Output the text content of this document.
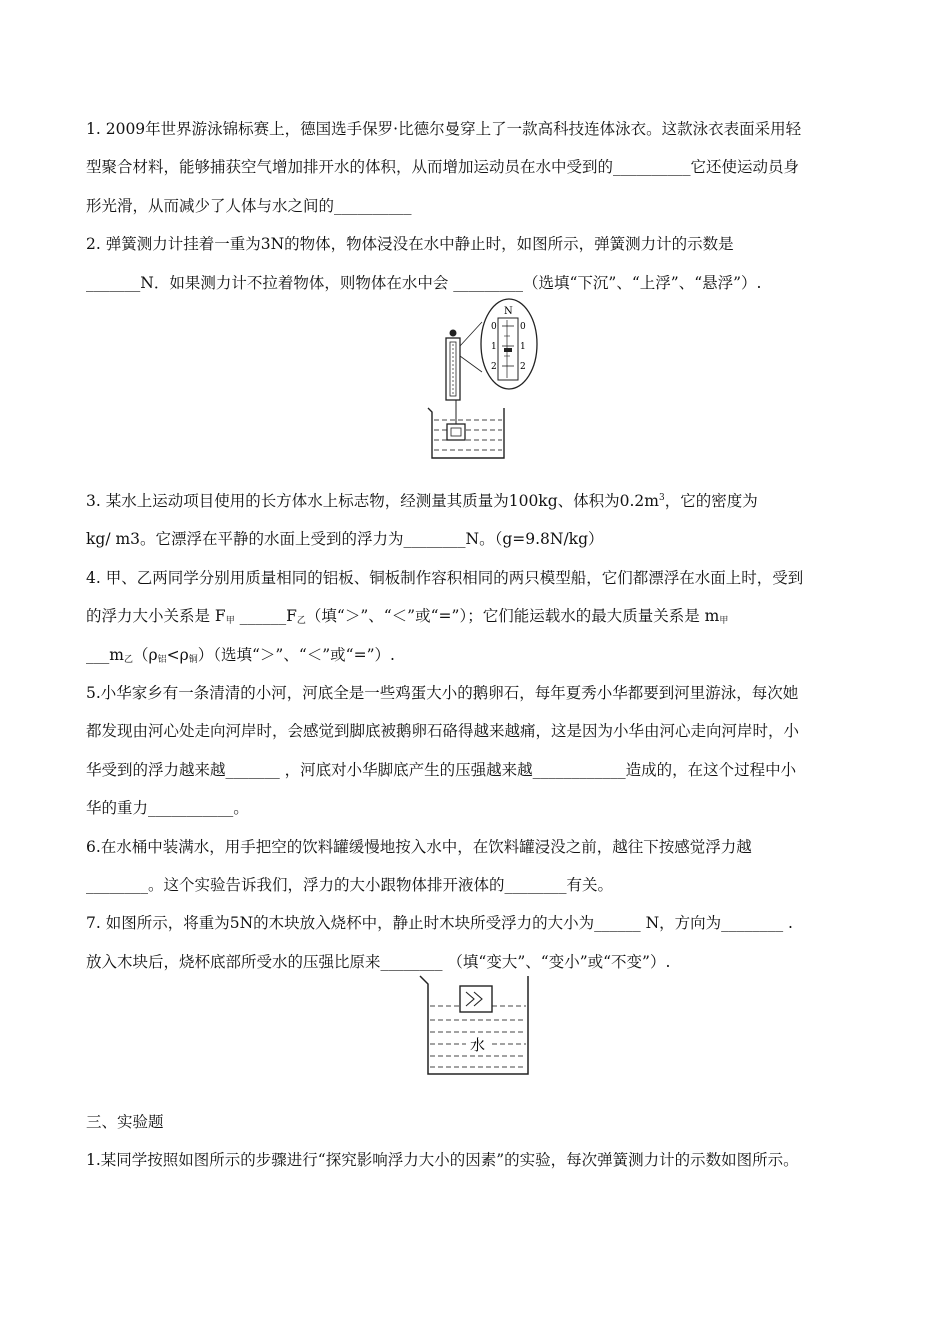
1. 2009年世界游泳锦标赛上，德国选手保罗·比德尔曼穿上了一款高科技连体泳衣。这款泳衣表面采用轻
型聚合材料，能够捕获空气增加排开水的体积，从而增加运动员在水中受到的__________它还使运动员身
形光滑，从而减少了人体与水之间的__________
2. 弹簧测力计挂着一重为3N的物体，物体浸没在水中静止时，如图所示，弹簧测力计的示数是
_______N．如果测力计不拉着物体，则物体在水中会 _________（选填“下沉”、“上浮”、“悬浮”）.
N
0	0
1	1
2	2
3. 某水上运动项目使用的长方体水上标志物，经测量其质量为100kg、体积为$0.2m^3$，它的密度为
kg/ m3。它漂浮在平静的水面上受到的浮力为________N。（g=9.8N/kg）
4. 甲、乙两同学分别用质量相同的铝板、铜板制作容积相同的两只模型船，它们都漂浮在水面上时，受到
的浮力大小关系是 $F_甲$ $\_\_\_\_\_\_F_乙$（填“＞”、“＜”或“=”）；它们能运载水的最大质量关系是 $m_甲$
$\_\_\_m_乙(\rho_铝<\rho_铜)$（选填“＞”、“＜”或“=”）.
5.小华家乡有一条清清的小河，河底全是一些鸡蛋大小的鹅卵石，每年夏秀小华都要到河里游泳，每次她
都发现由河心处走向河岸时，会感觉到脚底被鹅卵石硌得越来越痛，这是因为小华由河心走向河岸时，小
华受到的浮力越来越_______ ，河底对小华脚底产生的压强越来越____________造成的，在这个过程中小
华的重力___________。
6.在水桶中装满水，用手把空的饮料罐缓慢地按入水中，在饮料罐浸没之前，越往下按感觉浮力越
________。这个实验告诉我们，浮力的大小跟物体排开液体的________有关。
7. 如图所示，将重为5N的木块放入烧杯中，静止时木块所受浮力的大小为______ N，方向为________ .
放入木块后，烧杯底部所受水的压强比原来________ （填“变大”、“变小”或“不变”）.
水
三、实验题
1.某同学按照如图所示的步骤进行“探究影响浮力大小的因素”的实验，每次弹簧测力计的示数如图所示。
